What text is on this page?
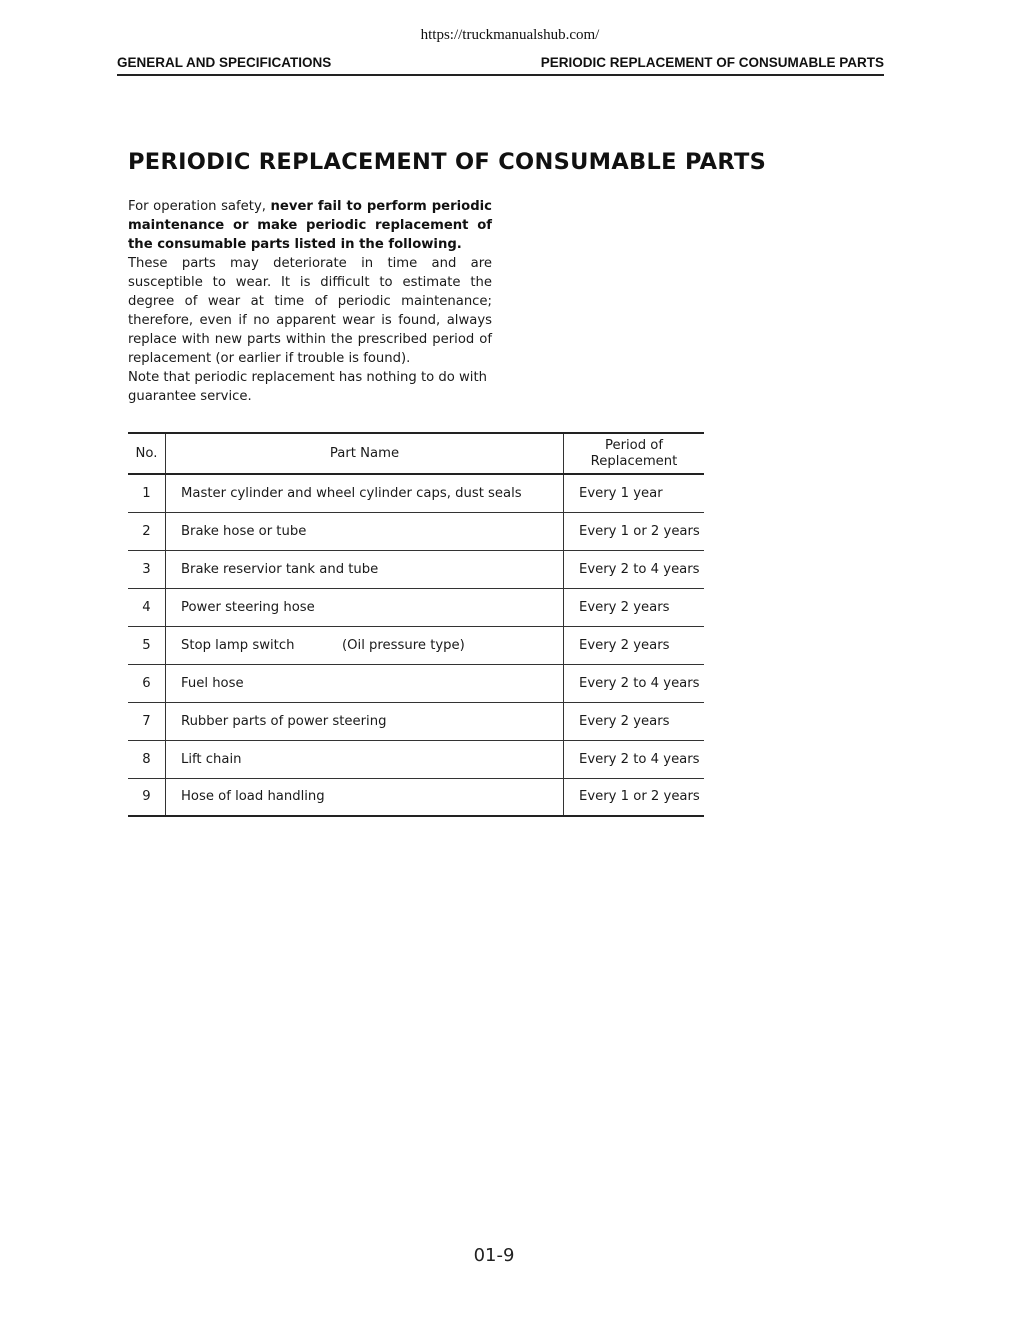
https://truckmanualshub.com/
GENERAL AND SPECIFICATIONS	PERIODIC REPLACEMENT OF CONSUMABLE PARTS
PERIODIC REPLACEMENT OF CONSUMABLE PARTS

For operation safety, never fail to perform periodic maintenance or make periodic replacement of the consumable parts listed in the following.

These parts may deteriorate in time and are susceptible to wear. It is difficult to estimate the degree of wear at time of periodic maintenance; therefore, even if no apparent wear is found, always replace with new parts within the prescribed period of replacement (or earlier if trouble is found).

Note that periodic replacement has nothing to do with guarantee service.

No.	Part Name	Period of
Replacement
1	Master cylinder and wheel cylinder caps, dust seals	Every 1 year
2	Brake hose or tube	Every 1 or 2 years
3	Brake reservior tank and tube	Every 2 to 4 years
4	Power steering hose	Every 2 years
5	Stop lamp switch (Oil pressure type)	Every 2 years
6	Fuel hose	Every 2 to 4 years
7	Rubber parts of power steering	Every 2 years
8	Lift chain	Every 2 to 4 years
9	Hose of load handling	Every 1 or 2 years
01-9
